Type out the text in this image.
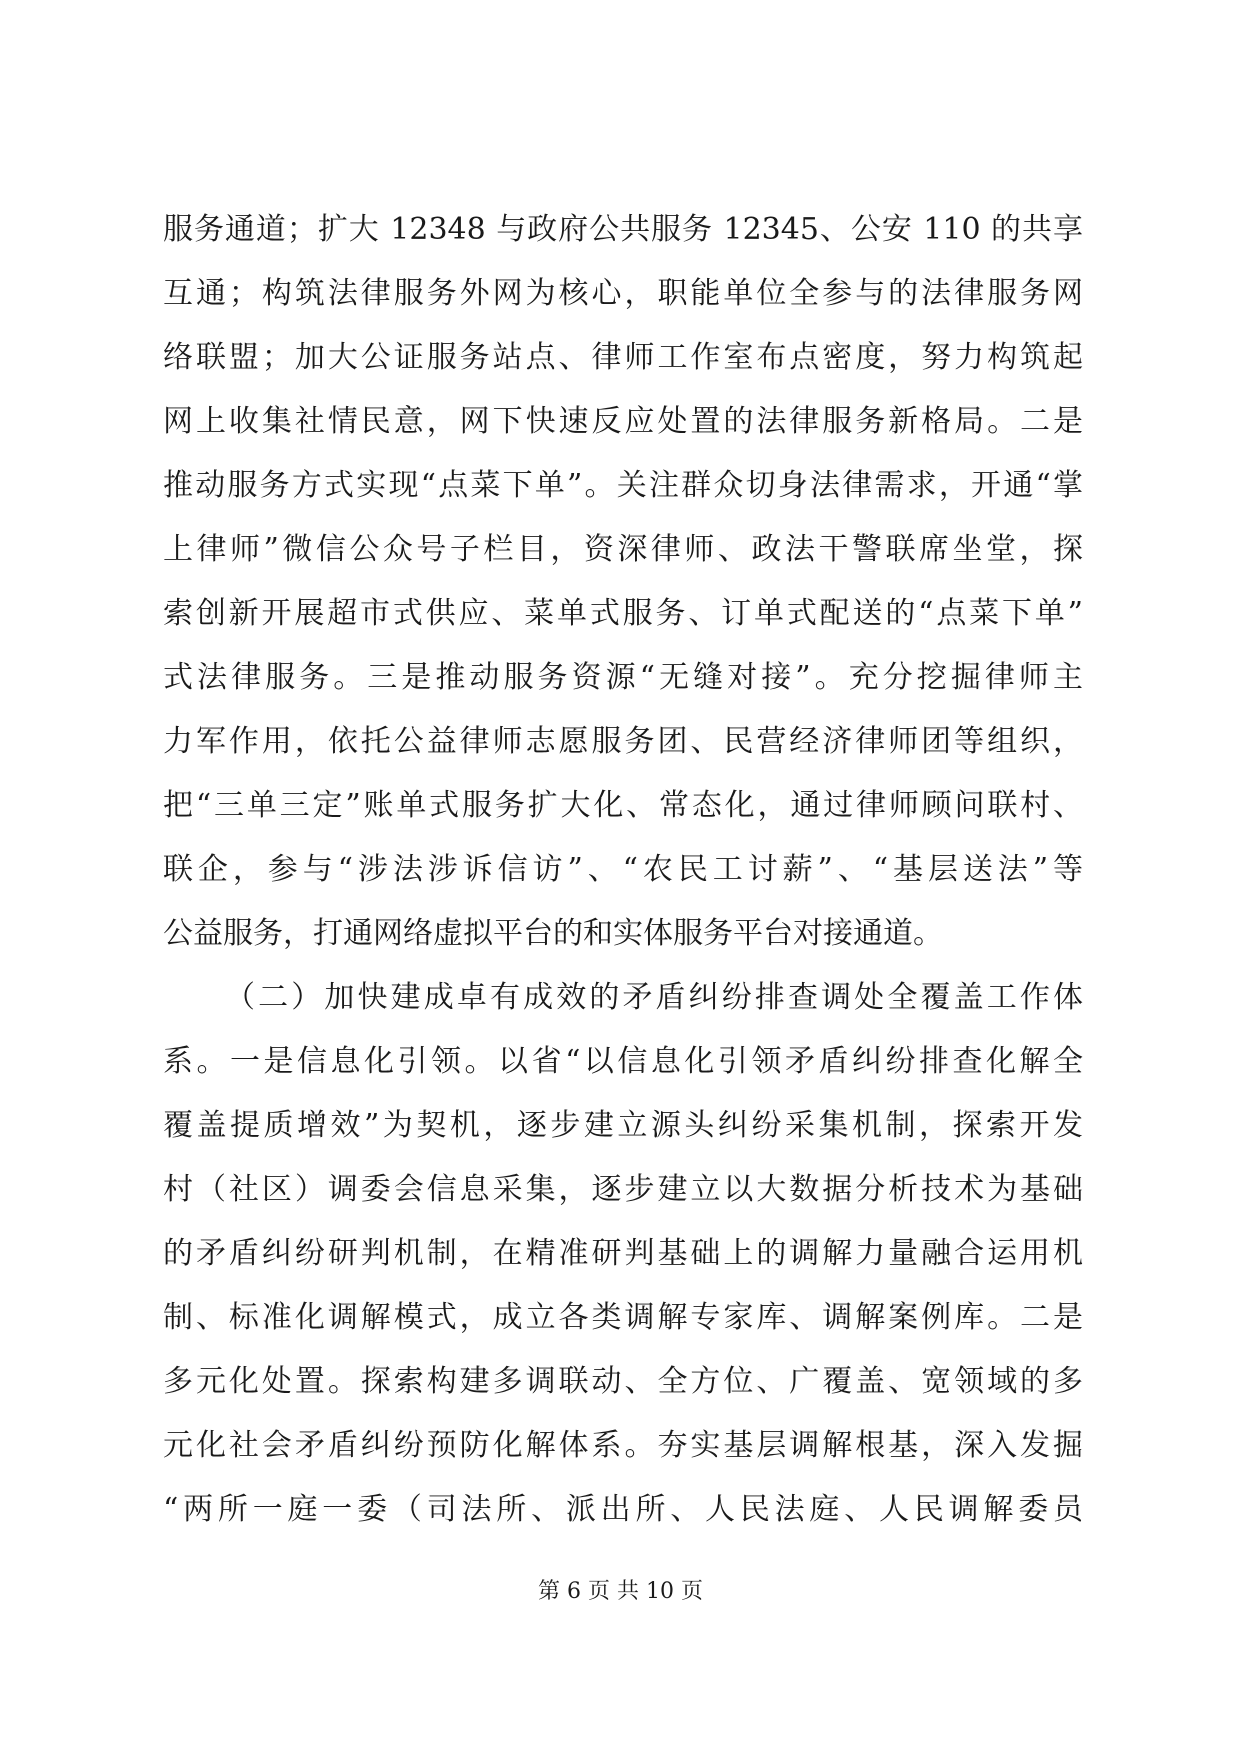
服务通道；扩大 12348 与政府公共服务 12345、公安 110 的共享
互通；构筑法律服务外网为核心，职能单位全参与的法律服务网
络联盟；加大公证服务站点、律师工作室布点密度，努力构筑起
网上收集社情民意，网下快速反应处置的法律服务新格局。二是
推动服务方式实现“点菜下单”。关注群众切身法律需求，开通“掌
上律师”微信公众号子栏目，资深律师、政法干警联席坐堂，探
索创新开展超市式供应、菜单式服务、订单式配送的“点菜下单”
式法律服务。三是推动服务资源“无缝对接”。充分挖掘律师主
力军作用，依托公益律师志愿服务团、民营经济律师团等组织，
把“三单三定”账单式服务扩大化、常态化，通过律师顾问联村、
联企，参与“涉法涉诉信访”、“农民工讨薪”、“基层送法”等
公益服务，打通网络虚拟平台的和实体服务平台对接通道。
（二）加快建成卓有成效的矛盾纠纷排查调处全覆盖工作体
系。一是信息化引领。以省“以信息化引领矛盾纠纷排查化解全
覆盖提质增效”为契机，逐步建立源头纠纷采集机制，探索开发
村（社区）调委会信息采集，逐步建立以大数据分析技术为基础
的矛盾纠纷研判机制，在精准研判基础上的调解力量融合运用机
制、标准化调解模式，成立各类调解专家库、调解案例库。二是
多元化处置。探索构建多调联动、全方位、广覆盖、宽领域的多
元化社会矛盾纠纷预防化解体系。夯实基层调解根基，深入发掘
“两所一庭一委（司法所、派出所、人民法庭、人民调解委员
第 6 页 共 10 页
